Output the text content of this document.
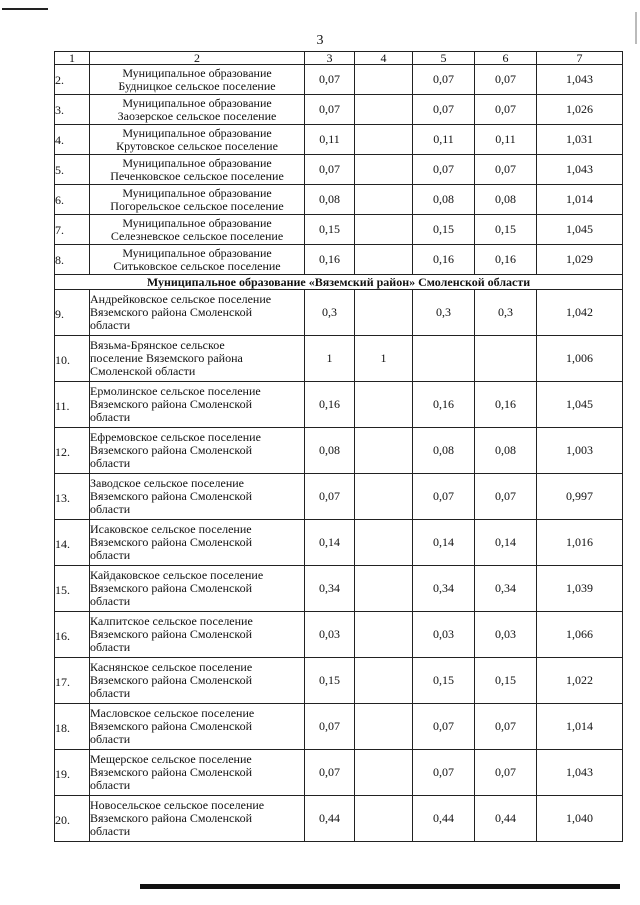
3
1	2	3	4	5	6	7
2.	Муниципальное образование
Будницкое сельское поселение	0,07		0,07	0,07	1,043
3.	Муниципальное образование
Заозерское сельское поселение	0,07		0,07	0,07	1,026
4.	Муниципальное образование
Крутовское сельское поселение	0,11		0,11	0,11	1,031
5.	Муниципальное образование
Печенковское сельское поселение	0,07		0,07	0,07	1,043
6.	Муниципальное образование
Погорельское сельское поселение	0,08		0,08	0,08	1,014
7.	Муниципальное образование
Селезневское сельское поселение	0,15		0,15	0,15	1,045
8.	Муниципальное образование
Ситьковское сельское поселение	0,16		0,16	0,16	1,029
Муниципальное образование «Вяземский район» Смоленской области						
9.	Андрейковское сельское поселение
Вяземского района Смоленской
области	0,3		0,3	0,3	1,042
10.	Вязьма-Брянское сельское
поселение Вяземского района
Смоленской области	1	1			1,006
11.	Ермолинское сельское поселение
Вяземского района Смоленской
области	0,16		0,16	0,16	1,045
12.	Ефремовское сельское поселение
Вяземского района Смоленской
области	0,08		0,08	0,08	1,003
13.	Заводское сельское поселение
Вяземского района Смоленской
области	0,07		0,07	0,07	0,997
14.	Исаковское сельское поселение
Вяземского района Смоленской
области	0,14		0,14	0,14	1,016
15.	Кайдаковское сельское поселение
Вяземского района Смоленской
области	0,34		0,34	0,34	1,039
16.	Калпитское сельское поселение
Вяземского района Смоленской
области	0,03		0,03	0,03	1,066
17.	Каснянское сельское поселение
Вяземского района Смоленской
области	0,15		0,15	0,15	1,022
18.	Масловское сельское поселение
Вяземского района Смоленской
области	0,07		0,07	0,07	1,014
19.	Мещерское сельское поселение
Вяземского района Смоленской
области	0,07		0,07	0,07	1,043
20.	Новосельское сельское поселение
Вяземского района Смоленской
области	0,44		0,44	0,44	1,040
